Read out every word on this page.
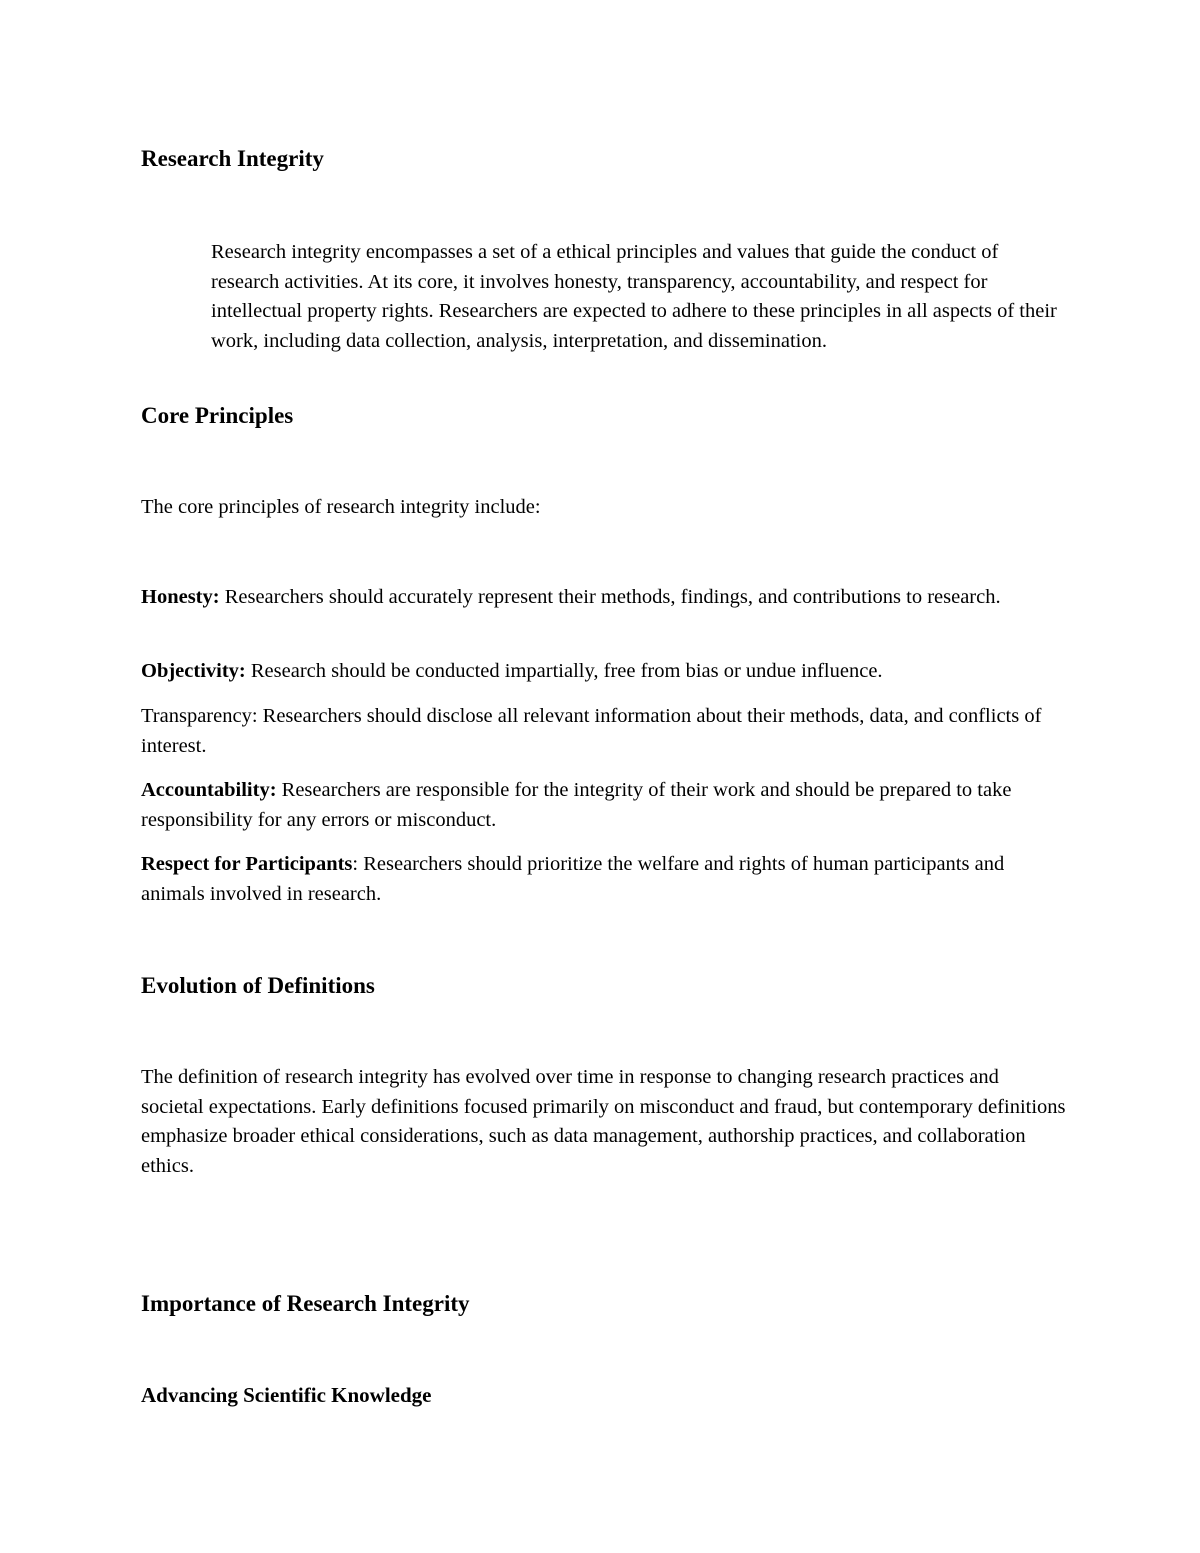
Research Integrity

Research integrity encompasses a set of a ethical principles and values that guide the conduct of research activities. At its core, it involves honesty, transparency, accountability, and respect for intellectual property rights. Researchers are expected to adhere to these principles in all aspects of their work, including data collection, analysis, interpretation, and dissemination.

Core Principles

The core principles of research integrity include:

Honesty: Researchers should accurately represent their methods, findings, and contributions to research.

Objectivity: Research should be conducted impartially, free from bias or undue influence.

Transparency: Researchers should disclose all relevant information about their methods, data, and conflicts of interest.

Accountability: Researchers are responsible for the integrity of their work and should be prepared to take responsibility for any errors or misconduct.

Respect for Participants: Researchers should prioritize the welfare and rights of human participants and animals involved in research.

Evolution of Definitions

The definition of research integrity has evolved over time in response to changing research practices and societal expectations. Early definitions focused primarily on misconduct and fraud, but contemporary definitions emphasize broader ethical considerations, such as data management, authorship practices, and collaboration ethics.

Importance of Research Integrity
Advancing Scientific Knowledge
